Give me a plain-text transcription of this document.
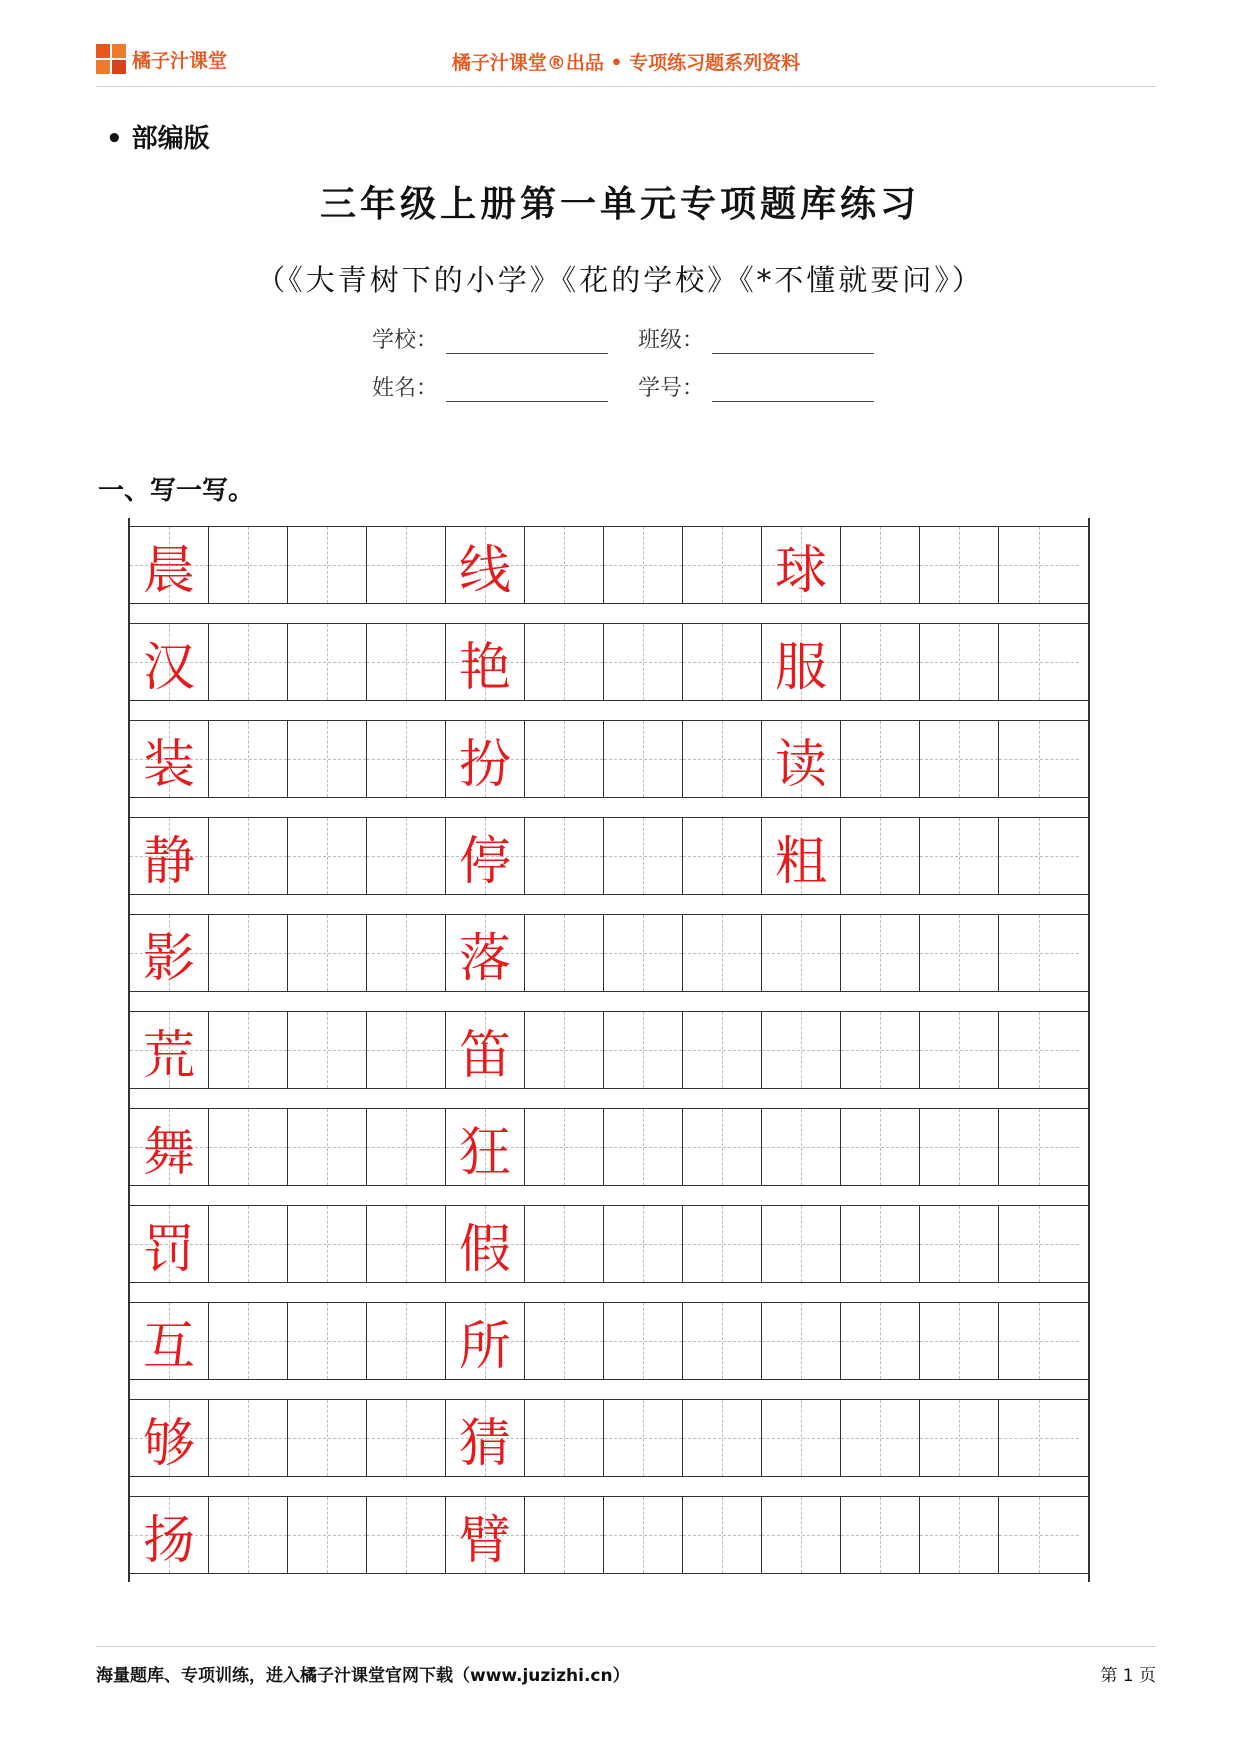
橘子汁课堂	橘子汁课堂®出品 • 专项练习题系列资料
• 部编版
三年级上册第一单元专项题库练习
（《大青树下的小学》《花的学校》《*不懂就要问》）
学校：	班级：
姓名：	学号：
一、写一写。
晨	线	球
汉	艳	服
装	扮	读
静	停	粗
影	落
荒	笛
舞	狂
罚	假
互	所
够	猜
扬	臂
海量题库、专项训练，进入橘子汁课堂官网下载（www.juzizhi.cn）	第 1 页
